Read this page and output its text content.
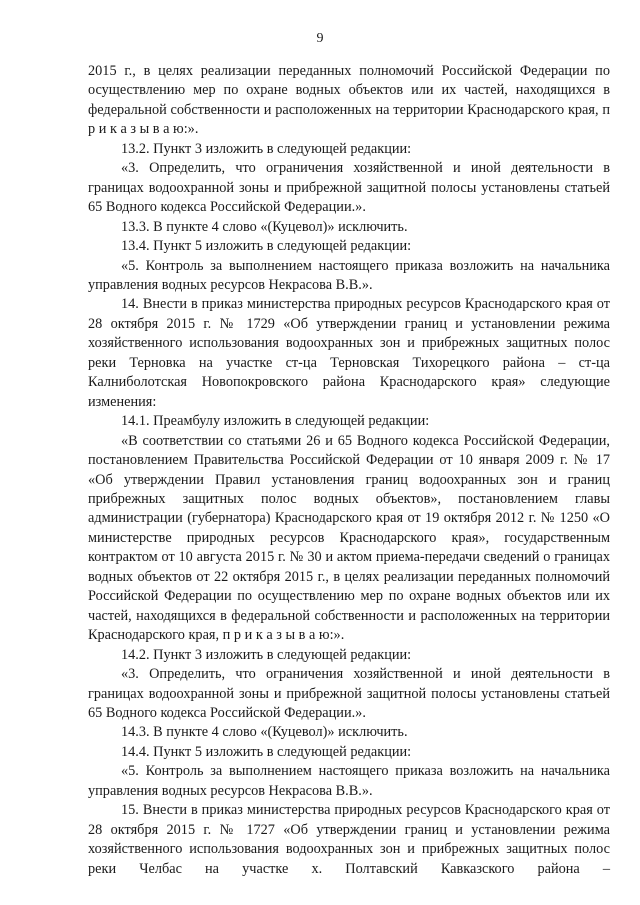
9

2015 г., в целях реализации переданных полномочий Российской Федерации по осуществлению мер по охране водных объектов или их частей, находящихся в федеральной собственности и расположенных на территории Краснодарского края, п р и к а з ы в а ю:».

13.2. Пункт 3 изложить в следующей редакции:

«3. Определить, что ограничения хозяйственной и иной деятельности в границах водоохранной зоны и прибрежной защитной полосы установлены статьей 65 Водного кодекса Российской Федерации.».

13.3. В пункте 4 слово «(Куцевол)» исключить.

13.4. Пункт 5 изложить в следующей редакции:

«5. Контроль за выполнением настоящего приказа возложить на начальника управления водных ресурсов Некрасова В.В.».

14. Внести в приказ министерства природных ресурсов Краснодарского края от 28 октября 2015 г. № 1729 «Об утверждении границ и установлении режима хозяйственного использования водоохранных зон и прибрежных защитных полос реки Терновка на участке ст-ца Терновская Тихорецкого района – ст-ца Калниболотская Новопокровского района Краснодарского края» следующие изменения:

14.1. Преамбулу изложить в следующей редакции:

«В соответствии со статьями 26 и 65 Водного кодекса Российской Федерации, постановлением Правительства Российской Федерации от 10 января 2009 г. № 17 «Об утверждении Правил установления границ водоохранных зон и границ прибрежных защитных полос водных объектов», постановлением главы администрации (губернатора) Краснодарского края от 19 октября 2012 г. № 1250 «О министерстве природных ресурсов Краснодарского края», государственным контрактом от 10 августа 2015 г. № 30 и актом приема-передачи сведений о границах водных объектов от 22 октября 2015 г., в целях реализации переданных полномочий Российской Федерации по осуществлению мер по охране водных объектов или их частей, находящихся в федеральной собственности и расположенных на территории Краснодарского края, п р и к а з ы в а ю:».

14.2. Пункт 3 изложить в следующей редакции:

«3. Определить, что ограничения хозяйственной и иной деятельности в границах водоохранной зоны и прибрежной защитной полосы установлены статьей 65 Водного кодекса Российской Федерации.».

14.3. В пункте 4 слово «(Куцевол)» исключить.

14.4. Пункт 5 изложить в следующей редакции:

«5. Контроль за выполнением настоящего приказа возложить на начальника управления водных ресурсов Некрасова В.В.».

15. Внести в приказ министерства природных ресурсов Краснодарского края от 28 октября 2015 г. № 1727 «Об утверждении границ и установлении режима хозяйственного использования водоохранных зон и прибрежных защитных полос реки Челбас на участке х. Полтавский Кавказского района –
